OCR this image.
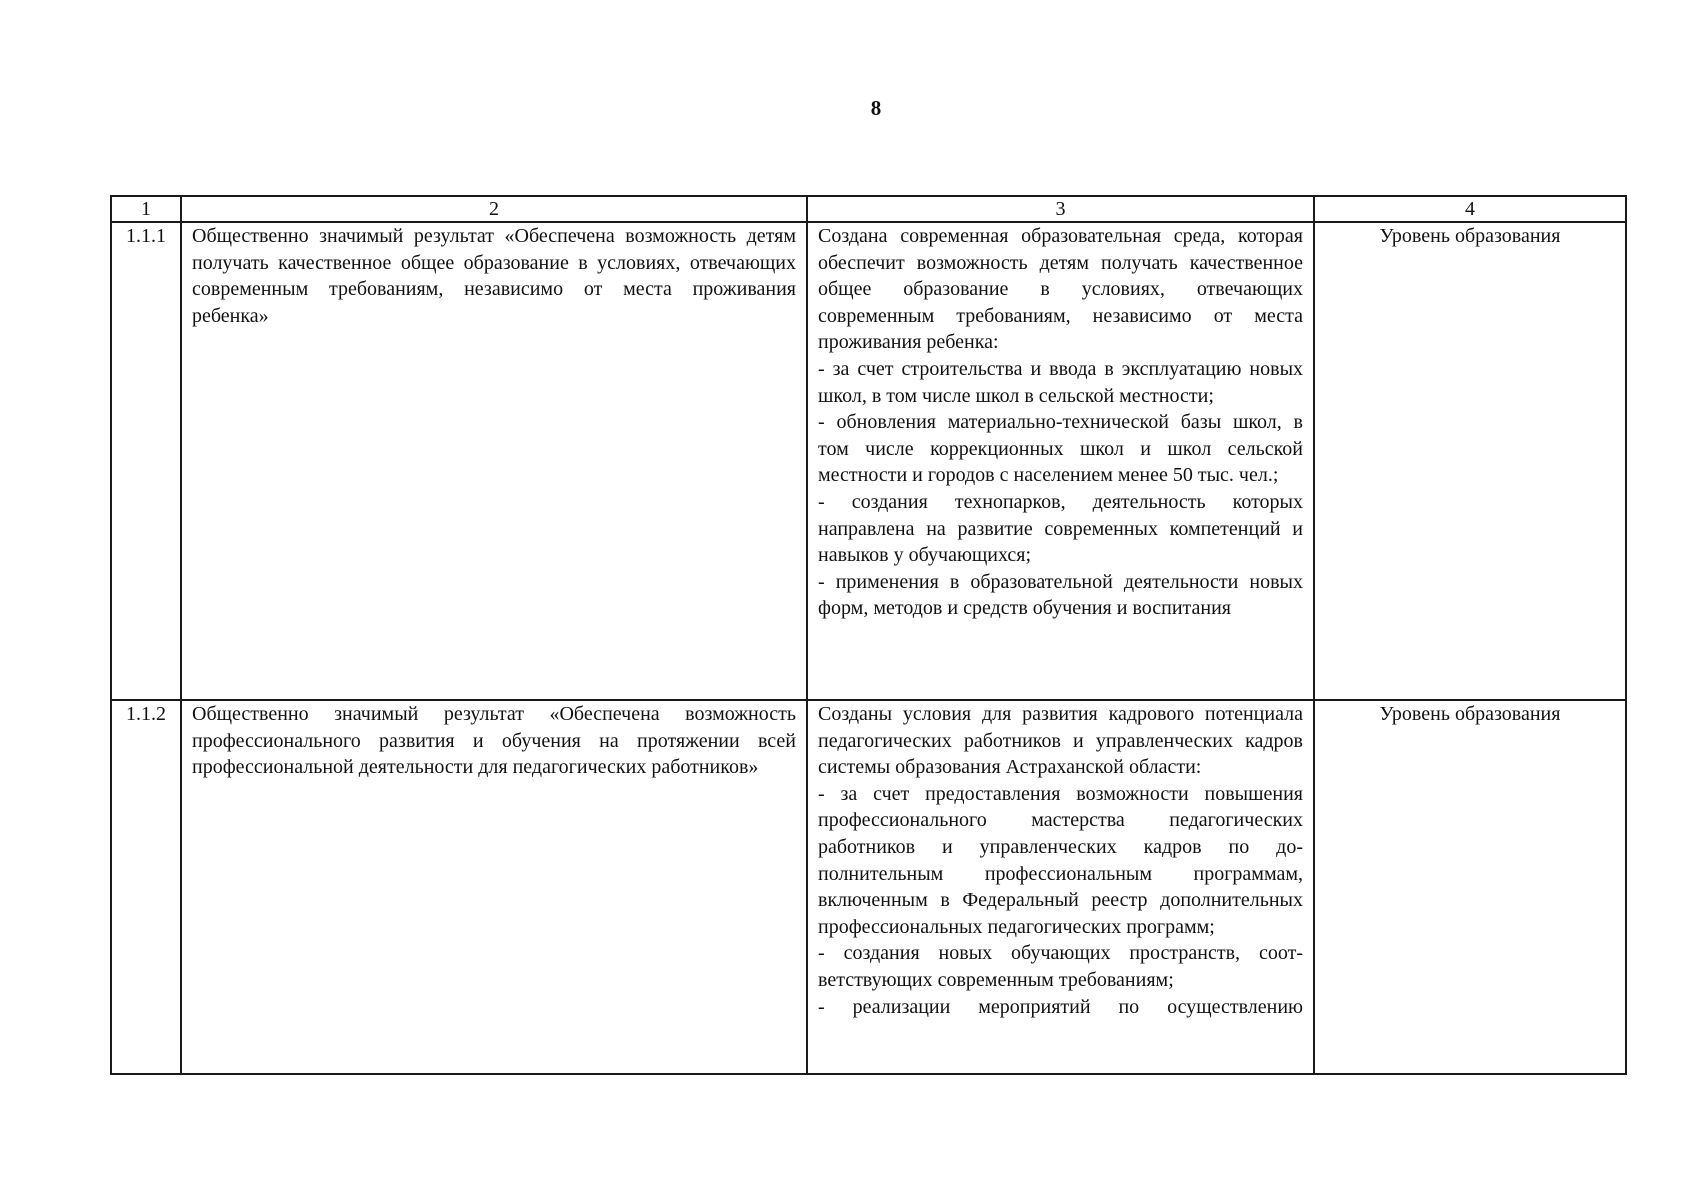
8
1	2	3	4
1.1.1	Общественно значимый результат «Обеспечена возможность детям получать качественное общее образование в условиях, отвечающих современным требованиям, независимо от места проживания ребенка»	Создана современная образовательная среда, которая обеспечит возможность детям получать качественное общее образование в условиях, отвечающих современным требованиям, независимо от места проживания ребенка:

- за счет строительства и ввода в эксплуатацию новых школ, в том числе школ в сельской местности;

- обновления материально-технической базы школ, в том числе коррекционных школ и школ сельской местности и городов с населением менее 50 тыс. чел.;

- создания технопарков, деятельность которых направлена на развитие современных компетенций и навыков у обучающихся;

- применения в образовательной деятельности новых форм, методов и средств обучения и воспитания	Уровень образования
1.1.2	Общественно значимый результат «Обеспечена возможность профессионального развития и обучения на протяжении всей профессиональной деятельности для педагогических работников»	Созданы условия для развития кадрового потенциала педагогических работников и управленческих кадров системы образования Астраханской области:

- за счет предоставления возможности повышения профессионального мастерства педагогических работников и управленческих кадров по дополнительным профессиональным программам, включенным в Федеральный реестр дополнительных профессиональных педагогических программ;

- создания новых обучающих пространств, соответствующих современным требованиям;

- реализации мероприятий по осуществлению	Уровень образования
